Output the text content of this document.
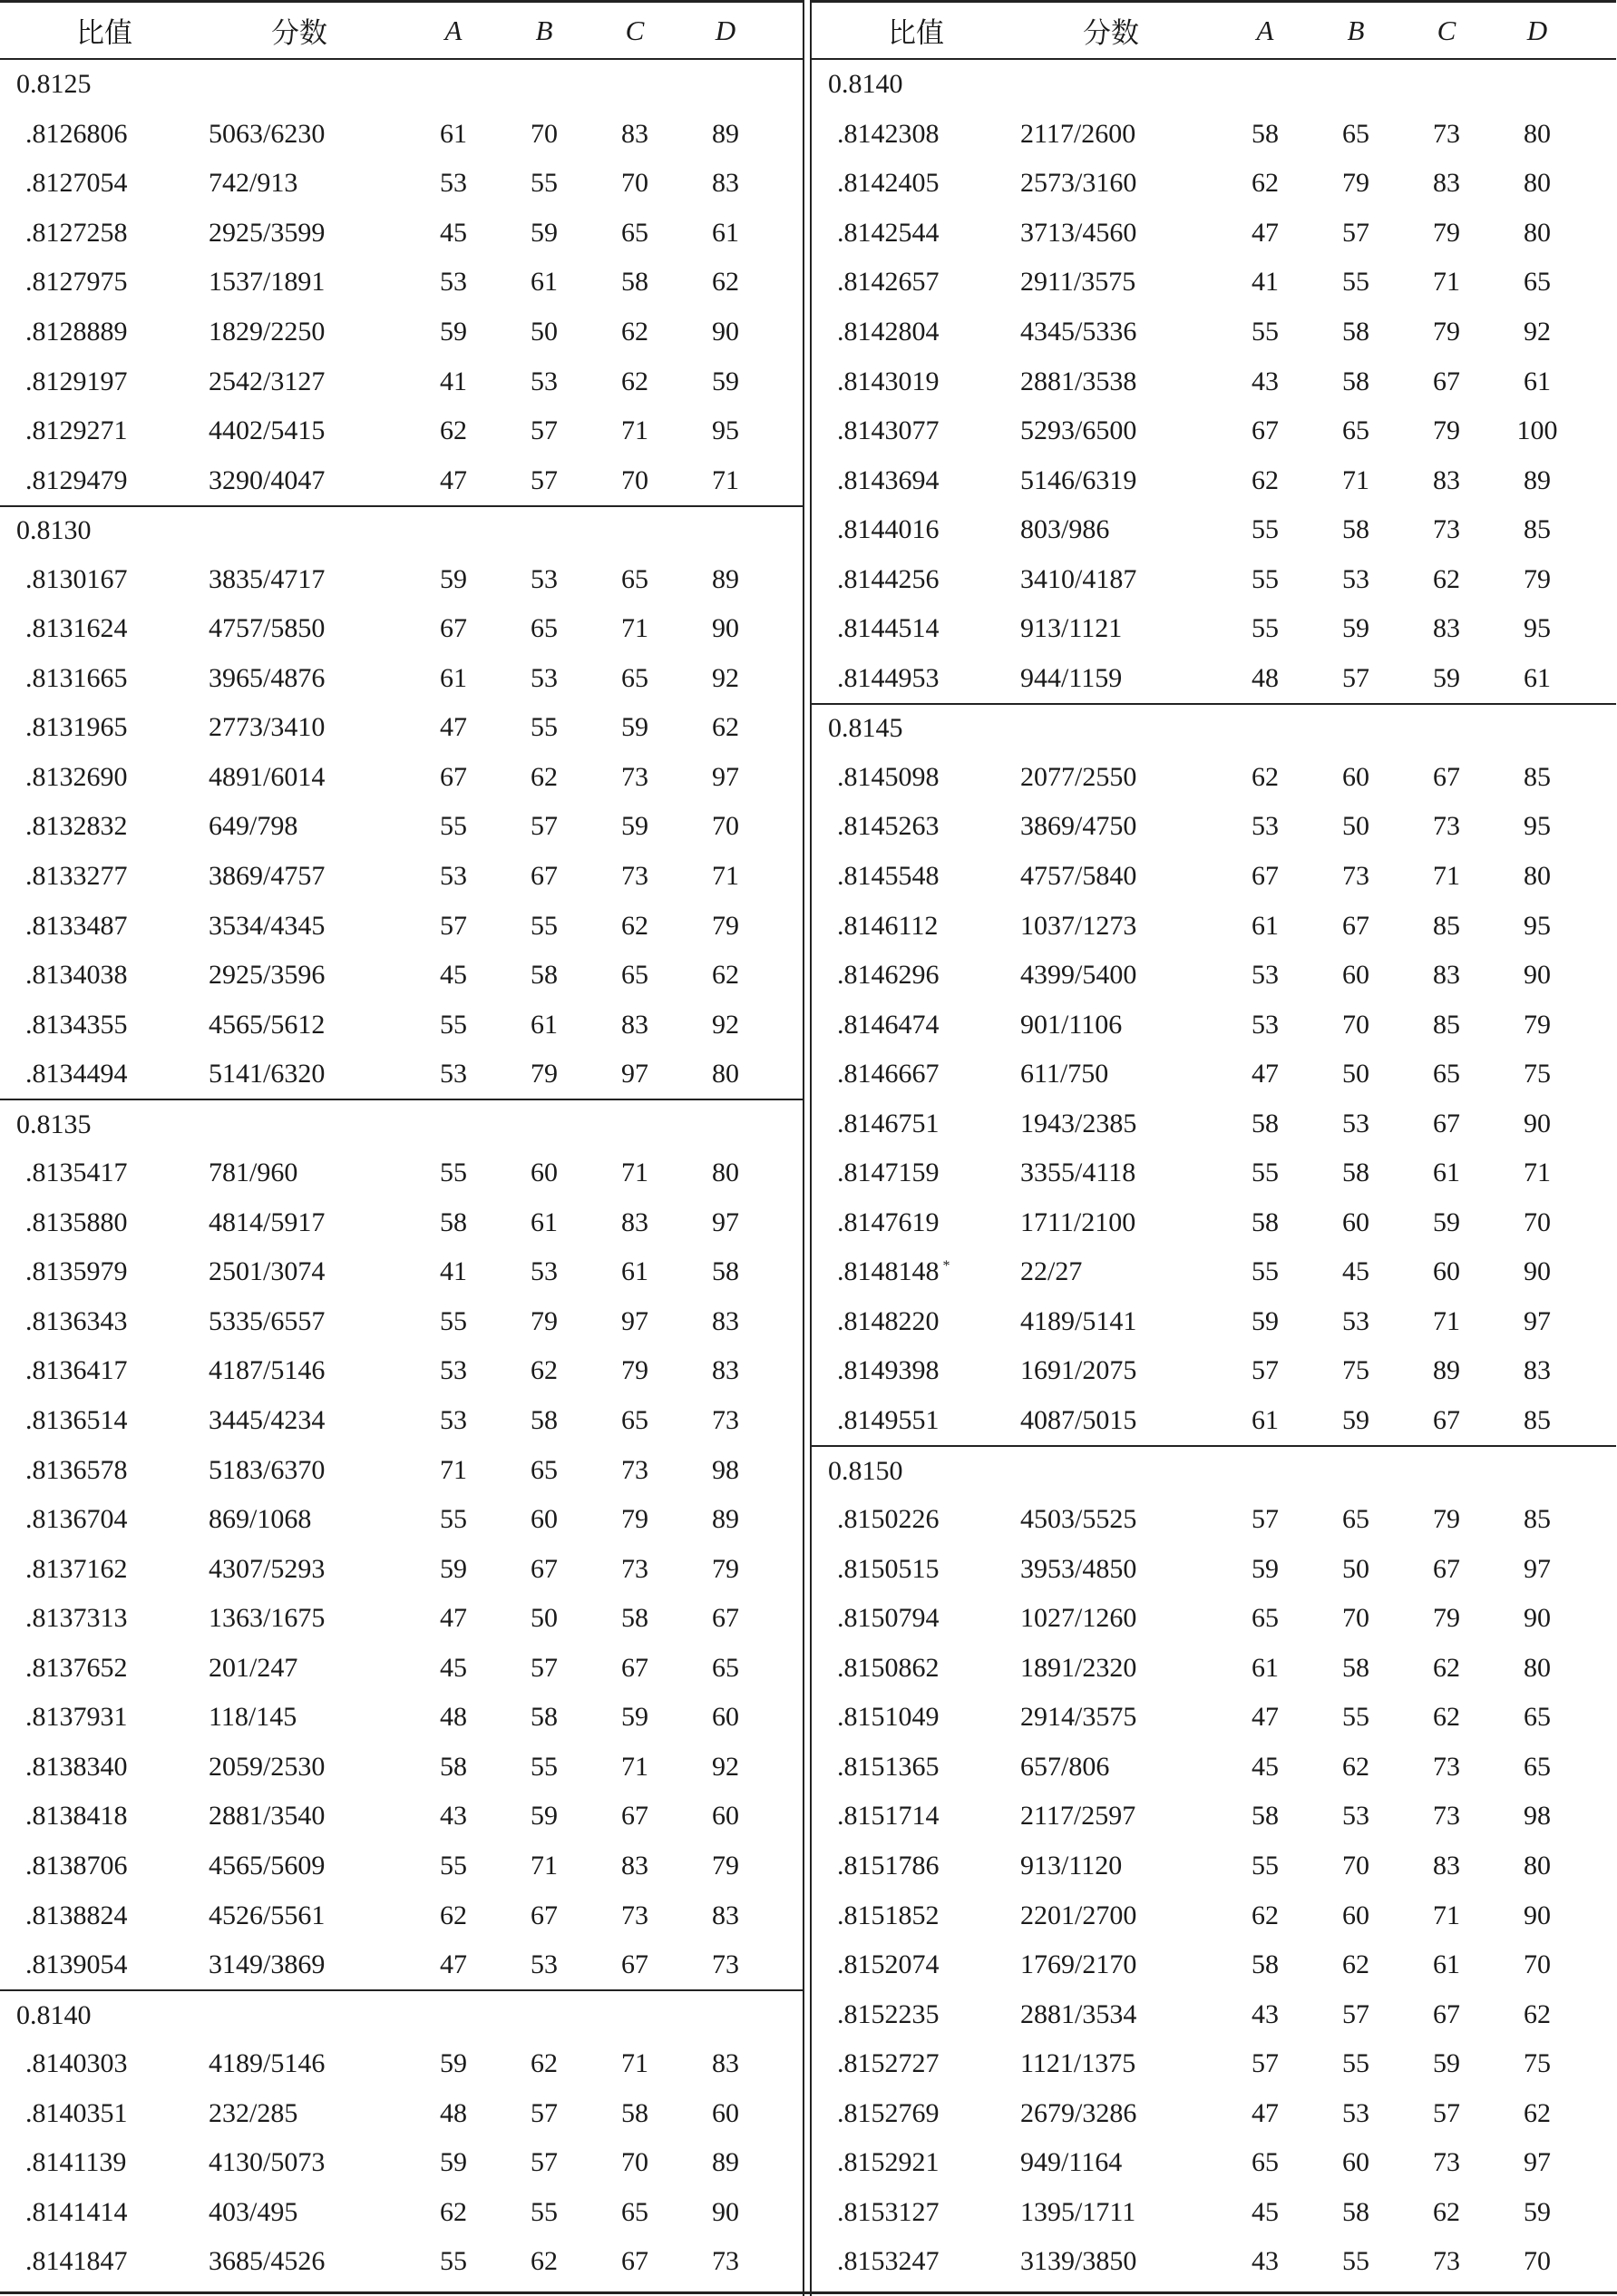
比值	分数	A	B	C	D
0.8125
.8126806	5063/6230	61	70	83	89
.8127054	742/913	53	55	70	83
.8127258	2925/3599	45	59	65	61
.8127975	1537/1891	53	61	58	62
.8128889	1829/2250	59	50	62	90
.8129197	2542/3127	41	53	62	59
.8129271	4402/5415	62	57	71	95
.8129479	3290/4047	47	57	70	71
0.8130
.8130167	3835/4717	59	53	65	89
.8131624	4757/5850	67	65	71	90
.8131665	3965/4876	61	53	65	92
.8131965	2773/3410	47	55	59	62
.8132690	4891/6014	67	62	73	97
.8132832	649/798	55	57	59	70
.8133277	3869/4757	53	67	73	71
.8133487	3534/4345	57	55	62	79
.8134038	2925/3596	45	58	65	62
.8134355	4565/5612	55	61	83	92
.8134494	5141/6320	53	79	97	80
0.8135
.8135417	781/960	55	60	71	80
.8135880	4814/5917	58	61	83	97
.8135979	2501/3074	41	53	61	58
.8136343	5335/6557	55	79	97	83
.8136417	4187/5146	53	62	79	83
.8136514	3445/4234	53	58	65	73
.8136578	5183/6370	71	65	73	98
.8136704	869/1068	55	60	79	89
.8137162	4307/5293	59	67	73	79
.8137313	1363/1675	47	50	58	67
.8137652	201/247	45	57	67	65
.8137931	118/145	48	58	59	60
.8138340	2059/2530	58	55	71	92
.8138418	2881/3540	43	59	67	60
.8138706	4565/5609	55	71	83	79
.8138824	4526/5561	62	67	73	83
.8139054	3149/3869	47	53	67	73
0.8140
.8140303	4189/5146	59	62	71	83
.8140351	232/285	48	57	58	60
.8141139	4130/5073	59	57	70	89
.8141414	403/495	62	55	65	90
.8141847	3685/4526	55	62	67	73
比值	分数	A	B	C	D
0.8140
.8142308	2117/2600	58	65	73	80
.8142405	2573/3160	62	79	83	80
.8142544	3713/4560	47	57	79	80
.8142657	2911/3575	41	55	71	65
.8142804	4345/5336	55	58	79	92
.8143019	2881/3538	43	58	67	61
.8143077	5293/6500	67	65	79	100
.8143694	5146/6319	62	71	83	89
.8144016	803/986	55	58	73	85
.8144256	3410/4187	55	53	62	79
.8144514	913/1121	55	59	83	95
.8144953	944/1159	48	57	59	61
0.8145
.8145098	2077/2550	62	60	67	85
.8145263	3869/4750	53	50	73	95
.8145548	4757/5840	67	73	71	80
.8146112	1037/1273	61	67	85	95
.8146296	4399/5400	53	60	83	90
.8146474	901/1106	53	70	85	79
.8146667	611/750	47	50	65	75
.8146751	1943/2385	58	53	67	90
.8147159	3355/4118	55	58	61	71
.8147619	1711/2100	58	60	59	70
.8148148 *	22/27	55	45	60	90
.8148220	4189/5141	59	53	71	97
.8149398	1691/2075	57	75	89	83
.8149551	4087/5015	61	59	67	85
0.8150
.8150226	4503/5525	57	65	79	85
.8150515	3953/4850	59	50	67	97
.8150794	1027/1260	65	70	79	90
.8150862	1891/2320	61	58	62	80
.8151049	2914/3575	47	55	62	65
.8151365	657/806	45	62	73	65
.8151714	2117/2597	58	53	73	98
.8151786	913/1120	55	70	83	80
.8151852	2201/2700	62	60	71	90
.8152074	1769/2170	58	62	61	70
.8152235	2881/3534	43	57	67	62
.8152727	1121/1375	57	55	59	75
.8152769	2679/3286	47	53	57	62
.8152921	949/1164	65	60	73	97
.8153127	1395/1711	45	58	62	59
.8153247	3139/3850	43	55	73	70
